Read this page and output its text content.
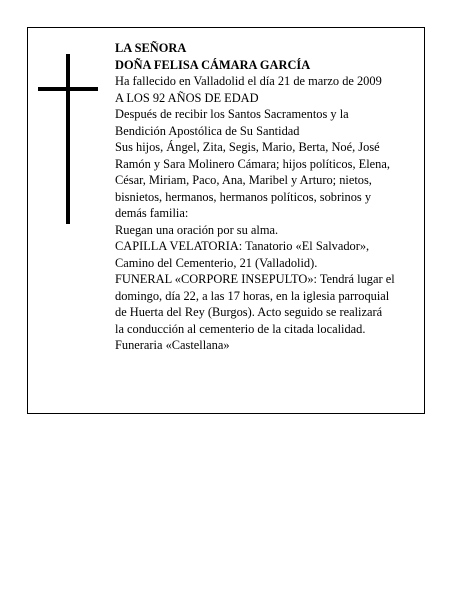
LA SEÑORA
DOÑA FELISA CÁMARA GARCÍA
Ha fallecido en Valladolid el día 21 de marzo de 2009
A LOS 92 AÑOS DE EDAD
Después de recibir los Santos Sacramentos y la
Bendición Apostólica de Su Santidad
Sus hijos, Ángel, Zita, Segis, Mario, Berta, Noé, José
Ramón y Sara Molinero Cámara; hijos políticos, Elena,
César, Miriam, Paco, Ana, Maribel y Arturo; nietos,
bisnietos, hermanos, hermanos políticos, sobrinos y
demás familia:
Ruegan una oración por su alma.
CAPILLA VELATORIA: Tanatorio «El Salvador»,
Camino del Cementerio, 21 (Valladolid).
FUNERAL «CORPORE INSEPULTO»: Tendrá lugar el
domingo, día 22, a las 17 horas, en la iglesia parroquial
de Huerta del Rey (Burgos). Acto seguido se realizará
la conducción al cementerio de la citada localidad.
Funeraria «Castellana»
